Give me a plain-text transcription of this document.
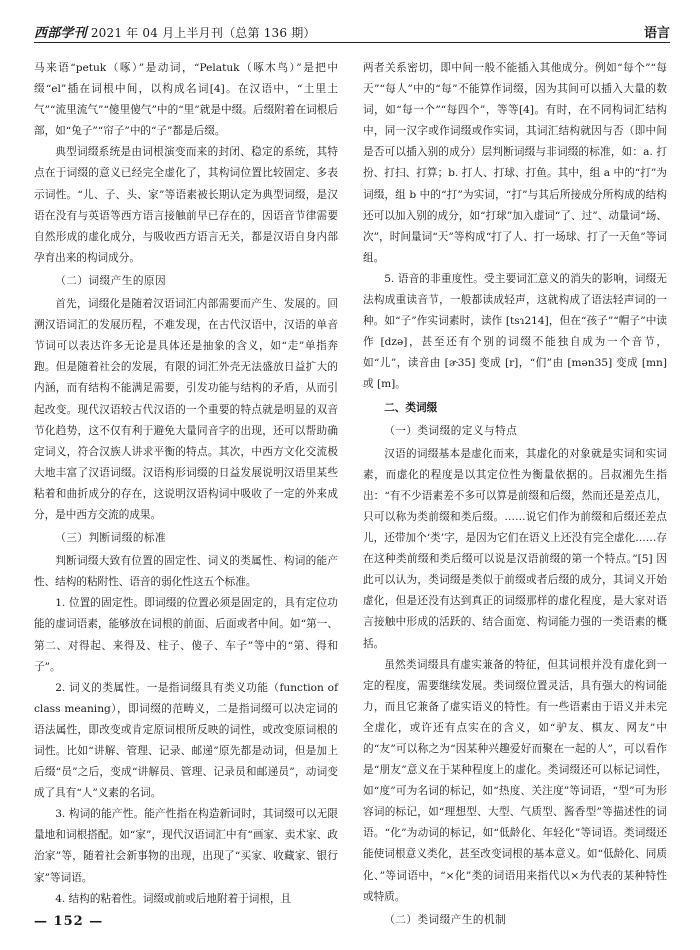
西部学刊 2021 年 04 月上半月刊（总第 136 期）	语言

马来语“petuk（啄）”是动词，“Pelatuk（啄木鸟）”是把中缀“el”插在词根中间，以构成名词[4]。在汉语中，“土里土气”“流里流气”“傻里傻气”中的“里”就是中缀。后缀附着在词根后部，如“兔子”“帘子”中的“子”都是后缀。

典型词缀系统是由词根演变而来的封闭、稳定的系统，其特点在于词缀的意义已经完全虚化了，其构词位置比较固定、多表示词性。“儿、子、头、家”等语素被长期认定为典型词缀，是汉语在没有与英语等西方语言接触前早已存在的，因语音节律需要自然形成的虚化成分，与吸收西方语言无关，都是汉语自身内部孕育出来的构词成分。

（二）词缀产生的原因

首先，词缀化是随着汉语词汇内部需要而产生、发展的。回溯汉语词汇的发展历程，不难发现，在古代汉语中，汉语的单音节词可以表达许多无论是具体还是抽象的含义，如“走”单指奔跑。但是随着社会的发展，有限的词汇外壳无法盛放日益扩大的内涵，而有结构不能满足需要，引发功能与结构的矛盾，从而引起改变。现代汉语较古代汉语的一个重要的特点就是明显的双音节化趋势，这不仅有利于避免大量同音字的出现，还可以帮助确定词义，符合汉族人讲求平衡的特点。其次，中西方文化交流极大地丰富了汉语词缀。汉语构形词缀的日益发展说明汉语里某些粘着和曲折成分的存在，这说明汉语构词中吸收了一定的外来成分，是中西方交流的成果。

（三）判断词缀的标准

判断词缀大致有位置的固定性、词义的类属性、构词的能产性、结构的粘附性、语音的弱化性这五个标准。

1. 位置的固定性。即词缀的位置必须是固定的，具有定位功能的虚词语素，能够放在词根的前面、后面或者中间。如“第一、第二、对得起、来得及、柱子、傻子、车子”等中的“第、得和子”。

2. 词义的类属性。一是指词缀具有类义功能（function of class meaning），即词缀的范畴义，二是指词缀可以决定词的语法属性，即改变或肯定原词根所反映的词性，或改变原词根的词性。比如“讲解、管理、记录、邮递”原先都是动词，但是加上后缀“员”之后，变成“讲解员、管理、记录员和邮递员”，动词变成了具有“人”义素的名词。

3. 构词的能产性。能产性指在构造新词时，其词缀可以无限量地和词根搭配。如“家”，现代汉语词汇中有“画家、卖术家、政治家”等，随着社会新事物的出现，出现了“买家、收藏家、银行家”等词语。

4. 结构的粘着性。词缀或前或后地附着于词根，且

两者关系密切，即中间一般不能插入其他成分。例如“每个”“每天”“每人”中的“每”不能算作词缀，因为其间可以插入大量的数词，如“每一个”“每四个”，等等[4]。有时，在不同构词汇结构中，同一汉字或作词缀或作实词，其词汇结构就因与否（即中间是否可以插入别的成分）层判断词缀与非词缀的标准，如：a. 打扮、打扫、打算；b. 打人、打球、打鱼。其中，组 a 中的“打”为词缀，组 b 中的“打”为实词，“打”与其后所接成分所构成的结构还可以加入别的成分，如“打球”加入虚词“了、过”、动量词“场、次”，时间量词“天”等构成“打了人、打一场球、打了一天鱼”等词组。

5. 语音的非重度性。受主要词汇意义的消失的影响，词缀无法构成重读音节，一般都读成轻声，这就构成了语法轻声词的一种。如“子”作实词素时，读作 [tsɿ214]，但在“孩子”“帽子”中读作 [dzə]，甚至还有个别的词缀不能独自成为一个音节，如“儿”，读音由 [ɚ35] 变成 [r]，“们”由 [mən35] 变成 [mn] 或 [m]。

二、类词缀
（一）类词缀的定义与特点

汉语的词缀基本是虚化而来，其虚化的对象就是实词和实词素，而虚化的程度是以其定位性为衡量依据的。吕叔湘先生指出：“有不少语素差不多可以算是前缀和后缀，然而还是差点儿，只可以称为类前缀和类后缀。……说它们作为前缀和后缀还差点儿，还带加个‘类’字，是因为它们在语义上还没有完全虚化……存在这种类前缀和类后缀可以说是汉语前缀的第一个特点。”[5] 因此可以认为，类词缀是类似于前缀或者后缀的成分，其词义开始虚化，但是还没有达到真正的词缀那样的虚化程度，是大家对语言接触中形成的活跃的、结合面宽、构词能力强的一类语素的概括。

虽然类词缀具有虚实兼备的特征，但其词根并没有虚化到一定的程度，需要继续发展。类词缀位置灵活，具有强大的构词能力，而且它兼备了虚实语义的特性。有一些语素由于语义并未完全虚化，或许还有点实在的含义，如“驴友、棋友、网友”中的“友”可以称之为“因某种兴趣爱好而聚在一起的人”，可以看作是“朋友”意义在于某种程度上的虚化。类词缀还可以标记词性，如“度”可为名词的标记，如“热度、关注度”等词语，“型”可为形容词的标记，如“理想型、大型、气质型、酱香型”等描述性的词语。“化”为动词的标记，如“低龄化、年轻化”等词语。类词缀还能使词根意义类化，甚至改变词根的基本意义。如“低龄化、同质化、”等词语中，“×化”类的词语用来指代以×为代表的某种特性或特质。

（二）类词缀产生的机制
— 152 —
